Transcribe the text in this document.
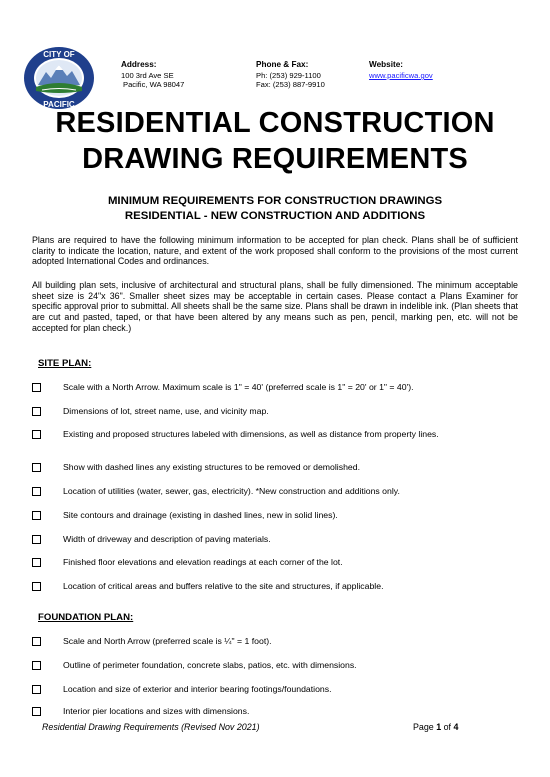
CITY OF
PACIFIC
Address:
100 3rd Ave SE
Pacific, WA 98047
Phone & Fax:
Ph: (253) 929-1100
Fax: (253) 887-9910
Website:
www.pacificwa.gov
RESIDENTIAL CONSTRUCTION
DRAWING REQUIREMENTS
MINIMUM REQUIREMENTS FOR CONSTRUCTION DRAWINGS
RESIDENTIAL - NEW CONSTRUCTION AND ADDITIONS
Plans are required to have the following minimum information to be accepted for plan check. Plans shall be of sufficient clarity to indicate the location, nature, and extent of the work proposed shall conform to the provisions of the most current adopted International Codes and ordinances.
All building plan sets, inclusive of architectural and structural plans, shall be fully dimensioned. The minimum acceptable sheet size is 24"x 36". Smaller sheet sizes may be acceptable in certain cases. Please contact a Plans Examiner for specific approval prior to submittal. All sheets shall be the same size. Plans shall be drawn in indelible ink. (Plan sheets that are cut and pasted, taped, or that have been altered by any means such as pen, pencil, marking pen, etc. will not be accepted for plan check.)
SITE PLAN:
Scale with a North Arrow. Maximum scale is 1" = 40' (preferred scale is 1" = 20' or 1" = 40').
Dimensions of lot, street name, use, and vicinity map.
Existing and proposed structures labeled with dimensions, as well as distance from property lines.
Show with dashed lines any existing structures to be removed or demolished.
Location of utilities (water, sewer, gas, electricity). *New construction and additions only.
Site contours and drainage (existing in dashed lines, new in solid lines).
Width of driveway and description of paving materials.
Finished floor elevations and elevation readings at each corner of the lot.
Location of critical areas and buffers relative to the site and structures, if applicable.
FOUNDATION PLAN:
Scale and North Arrow (preferred scale is ¼" = 1 foot).
Outline of perimeter foundation, concrete slabs, patios, etc. with dimensions.
Location and size of exterior and interior bearing footings/foundations.
Interior pier locations and sizes with dimensions.
Residential Drawing Requirements (Revised Nov 2021)	Page 1 of 4
